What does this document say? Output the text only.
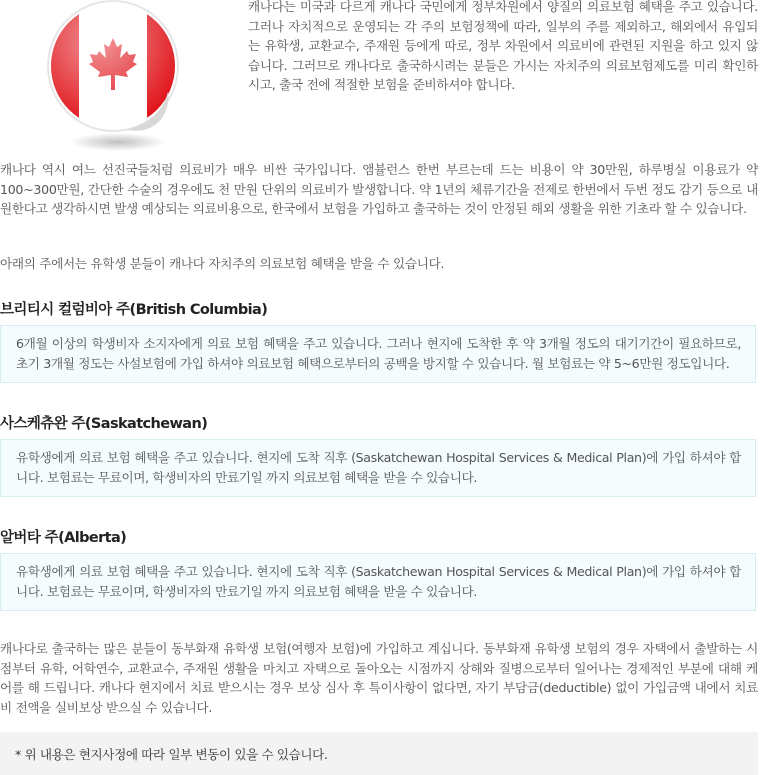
캐나다는 미국과 다르게 캐나다 국민에게 정부차원에서 양질의 의료보험 혜택을 주고 있습니다. 그러나 자치적으로 운영되는 각 주의 보험정책에 따라, 일부의 주를 제외하고, 해외에서 유입되는 유학생, 교환교수, 주재원 등에게 따로, 정부 차원에서 의료비에 관련된 지원을 하고 있지 않습니다. 그러므로 캐나다로 출국하시려는 분들은 가시는 자치주의 의료보험제도를 미리 확인하시고, 출국 전에 적절한 보험을 준비하셔야 합니다.
캐나다 역시 여느 선진국들처럼 의료비가 매우 비싼 국가입니다. 앰뷸런스 한번 부르는데 드는 비용이 약 30만원, 하루병실 이용료가 약 100~300만원, 간단한 수술의 경우에도 천 만원 단위의 의료비가 발생합니다. 약 1년의 체류기간을 전제로 한번에서 두번 정도 감기 등으로 내원한다고 생각하시면 발생 예상되는 의료비용으로, 한국에서 보험을 가입하고 출국하는 것이 안정된 해외 생활을 위한 기초라 할 수 있습니다.
아래의 주에서는 유학생 분들이 캐나다 자치주의 의료보험 혜택을 받을 수 있습니다.
브리티시 컬럼비아 주(British Columbia)
6개월 이상의 학생비자 소지자에게 의료 보험 혜택을 주고 있습니다. 그러나 현지에 도착한 후 약 3개월 정도의 대기기간이 필요하므로, 초기 3개월 정도는 사설보험에 가입 하셔야 의료보험 혜택으로부터의 공백을 방지할 수 있습니다. 월 보험료는 약 5~6만원 정도입니다.
사스케츄완 주(Saskatchewan)
유학생에게 의료 보험 혜택을 주고 있습니다. 현지에 도착 직후 (Saskatchewan Hospital Services & Medical Plan)에 가입 하셔야 합니다. 보험료는 무료이며, 학생비자의 만료기일 까지 의료보험 혜택을 받을 수 있습니다.
알버타 주(Alberta)
유학생에게 의료 보험 혜택을 주고 있습니다. 현지에 도착 직후 (Saskatchewan Hospital Services & Medical Plan)에 가입 하셔야 합니다. 보험료는 무료이며, 학생비자의 만료기일 까지 의료보험 혜택을 받을 수 있습니다.
캐나다로 출국하는 많은 분들이 동부화재 유학생 보험(여행자 보험)에 가입하고 계십니다. 동부화재 유학생 보험의 경우 자택에서 출발하는 시점부터 유학, 어학연수, 교환교수, 주재원 생활을 마치고 자택으로 돌아오는 시점까지 상해와 질병으로부터 일어나는 경제적인 부분에 대해 케어를 해 드립니다. 캐나다 현지에서 치료 받으시는 경우 보상 심사 후 특이사항이 없다면, 자기 부담금(deductible) 없이 가입금액 내에서 치료비 전액을 실비보상 받으실 수 있습니다.
* 위 내용은 현지사정에 따라 일부 변동이 있을 수 있습니다.
